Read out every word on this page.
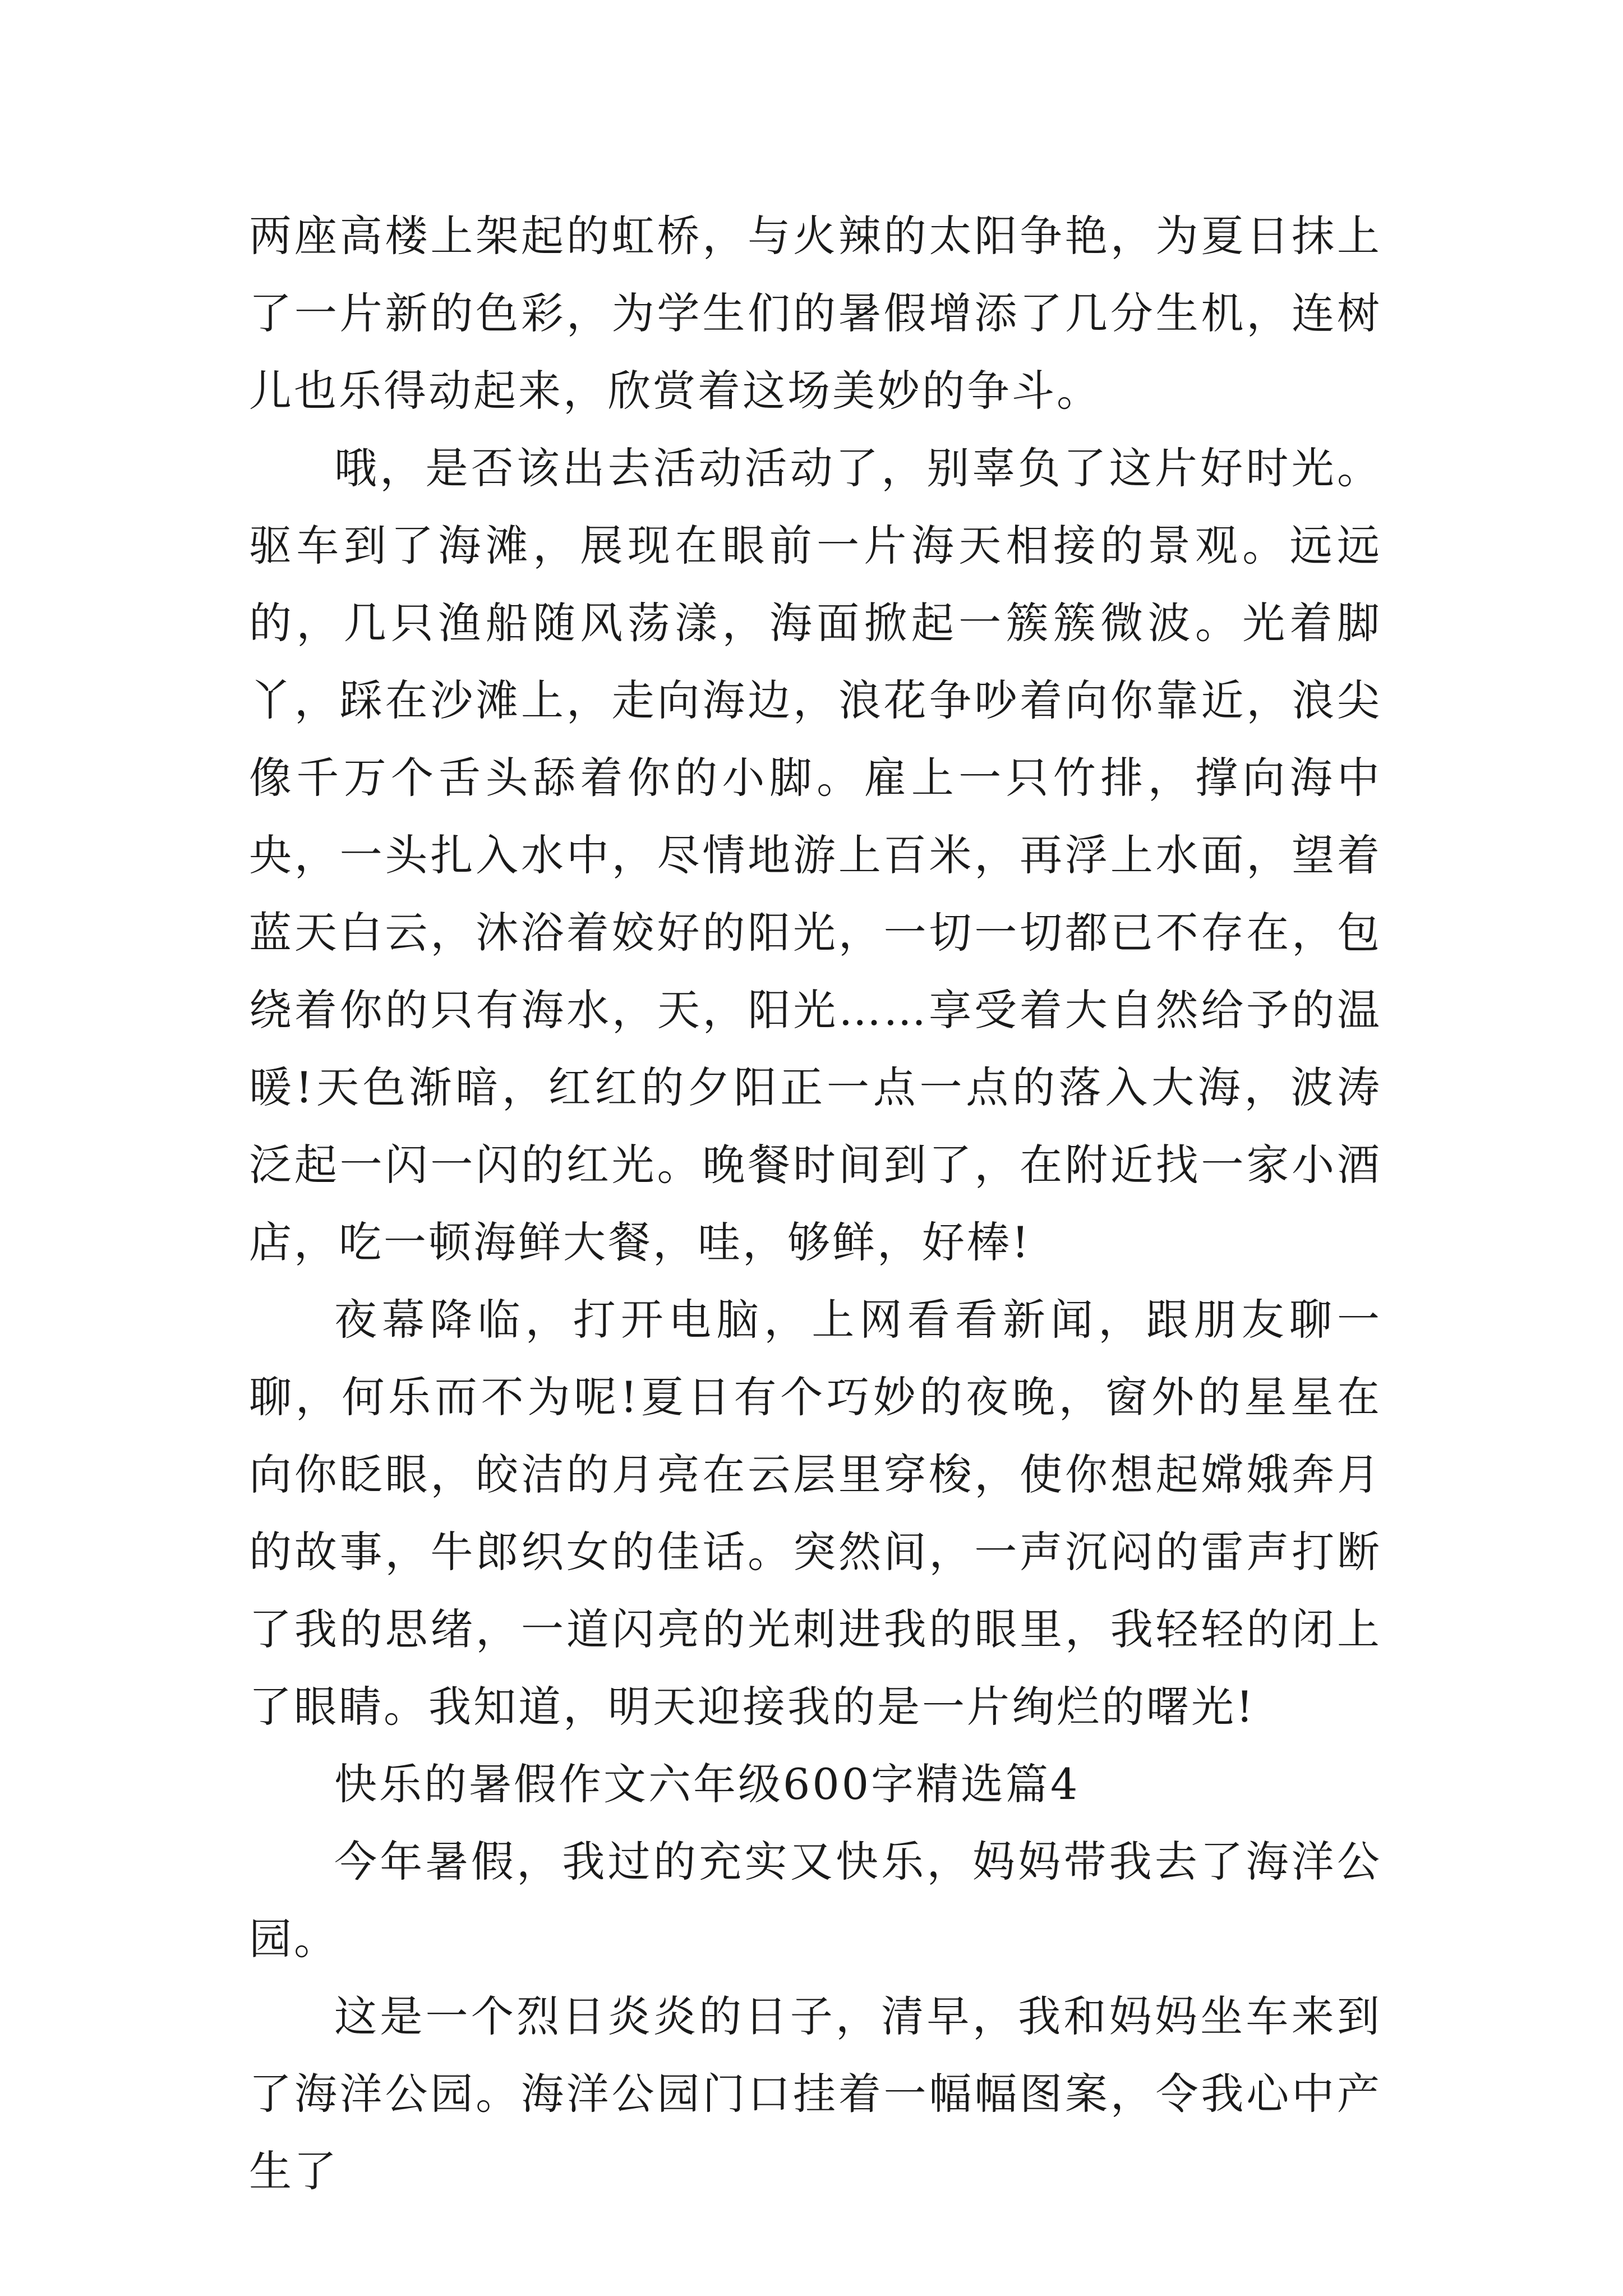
两座高楼上架起的虹桥，与火辣的太阳争艳，为夏日抹上了一片新的色彩，为学生们的暑假增添了几分生机，连树儿也乐得动起来，欣赏着这场美妙的争斗。

哦，是否该出去活动活动了，别辜负了这片好时光。驱车到了海滩，展现在眼前一片海天相接的景观。远远的，几只渔船随风荡漾，海面掀起一簇簇微波。光着脚丫，踩在沙滩上，走向海边，浪花争吵着向你靠近，浪尖像千万个舌头舔着你的小脚。雇上一只竹排，撑向海中央，一头扎入水中，尽情地游上百米，再浮上水面，望着蓝天白云，沐浴着姣好的阳光，一切一切都已不存在，包绕着你的只有海水，天，阳光……享受着大自然给予的温暖!天色渐暗，红红的夕阳正一点一点的落入大海，波涛泛起一闪一闪的红光。晚餐时间到了，在附近找一家小酒店，吃一顿海鲜大餐，哇，够鲜，好棒!

夜幕降临，打开电脑，上网看看新闻，跟朋友聊一聊，何乐而不为呢!夏日有个巧妙的夜晚，窗外的星星在向你眨眼，皎洁的月亮在云层里穿梭，使你想起嫦娥奔月的故事，牛郎织女的佳话。突然间，一声沉闷的雷声打断了我的思绪，一道闪亮的光刺进我的眼里，我轻轻的闭上了眼睛。我知道，明天迎接我的是一片绚烂的曙光!

快乐的暑假作文六年级600字精选篇4

今年暑假，我过的充实又快乐，妈妈带我去了海洋公园。

这是一个烈日炎炎的日子，清早，我和妈妈坐车来到了海洋公园。海洋公园门口挂着一幅幅图案，令我心中产生了
